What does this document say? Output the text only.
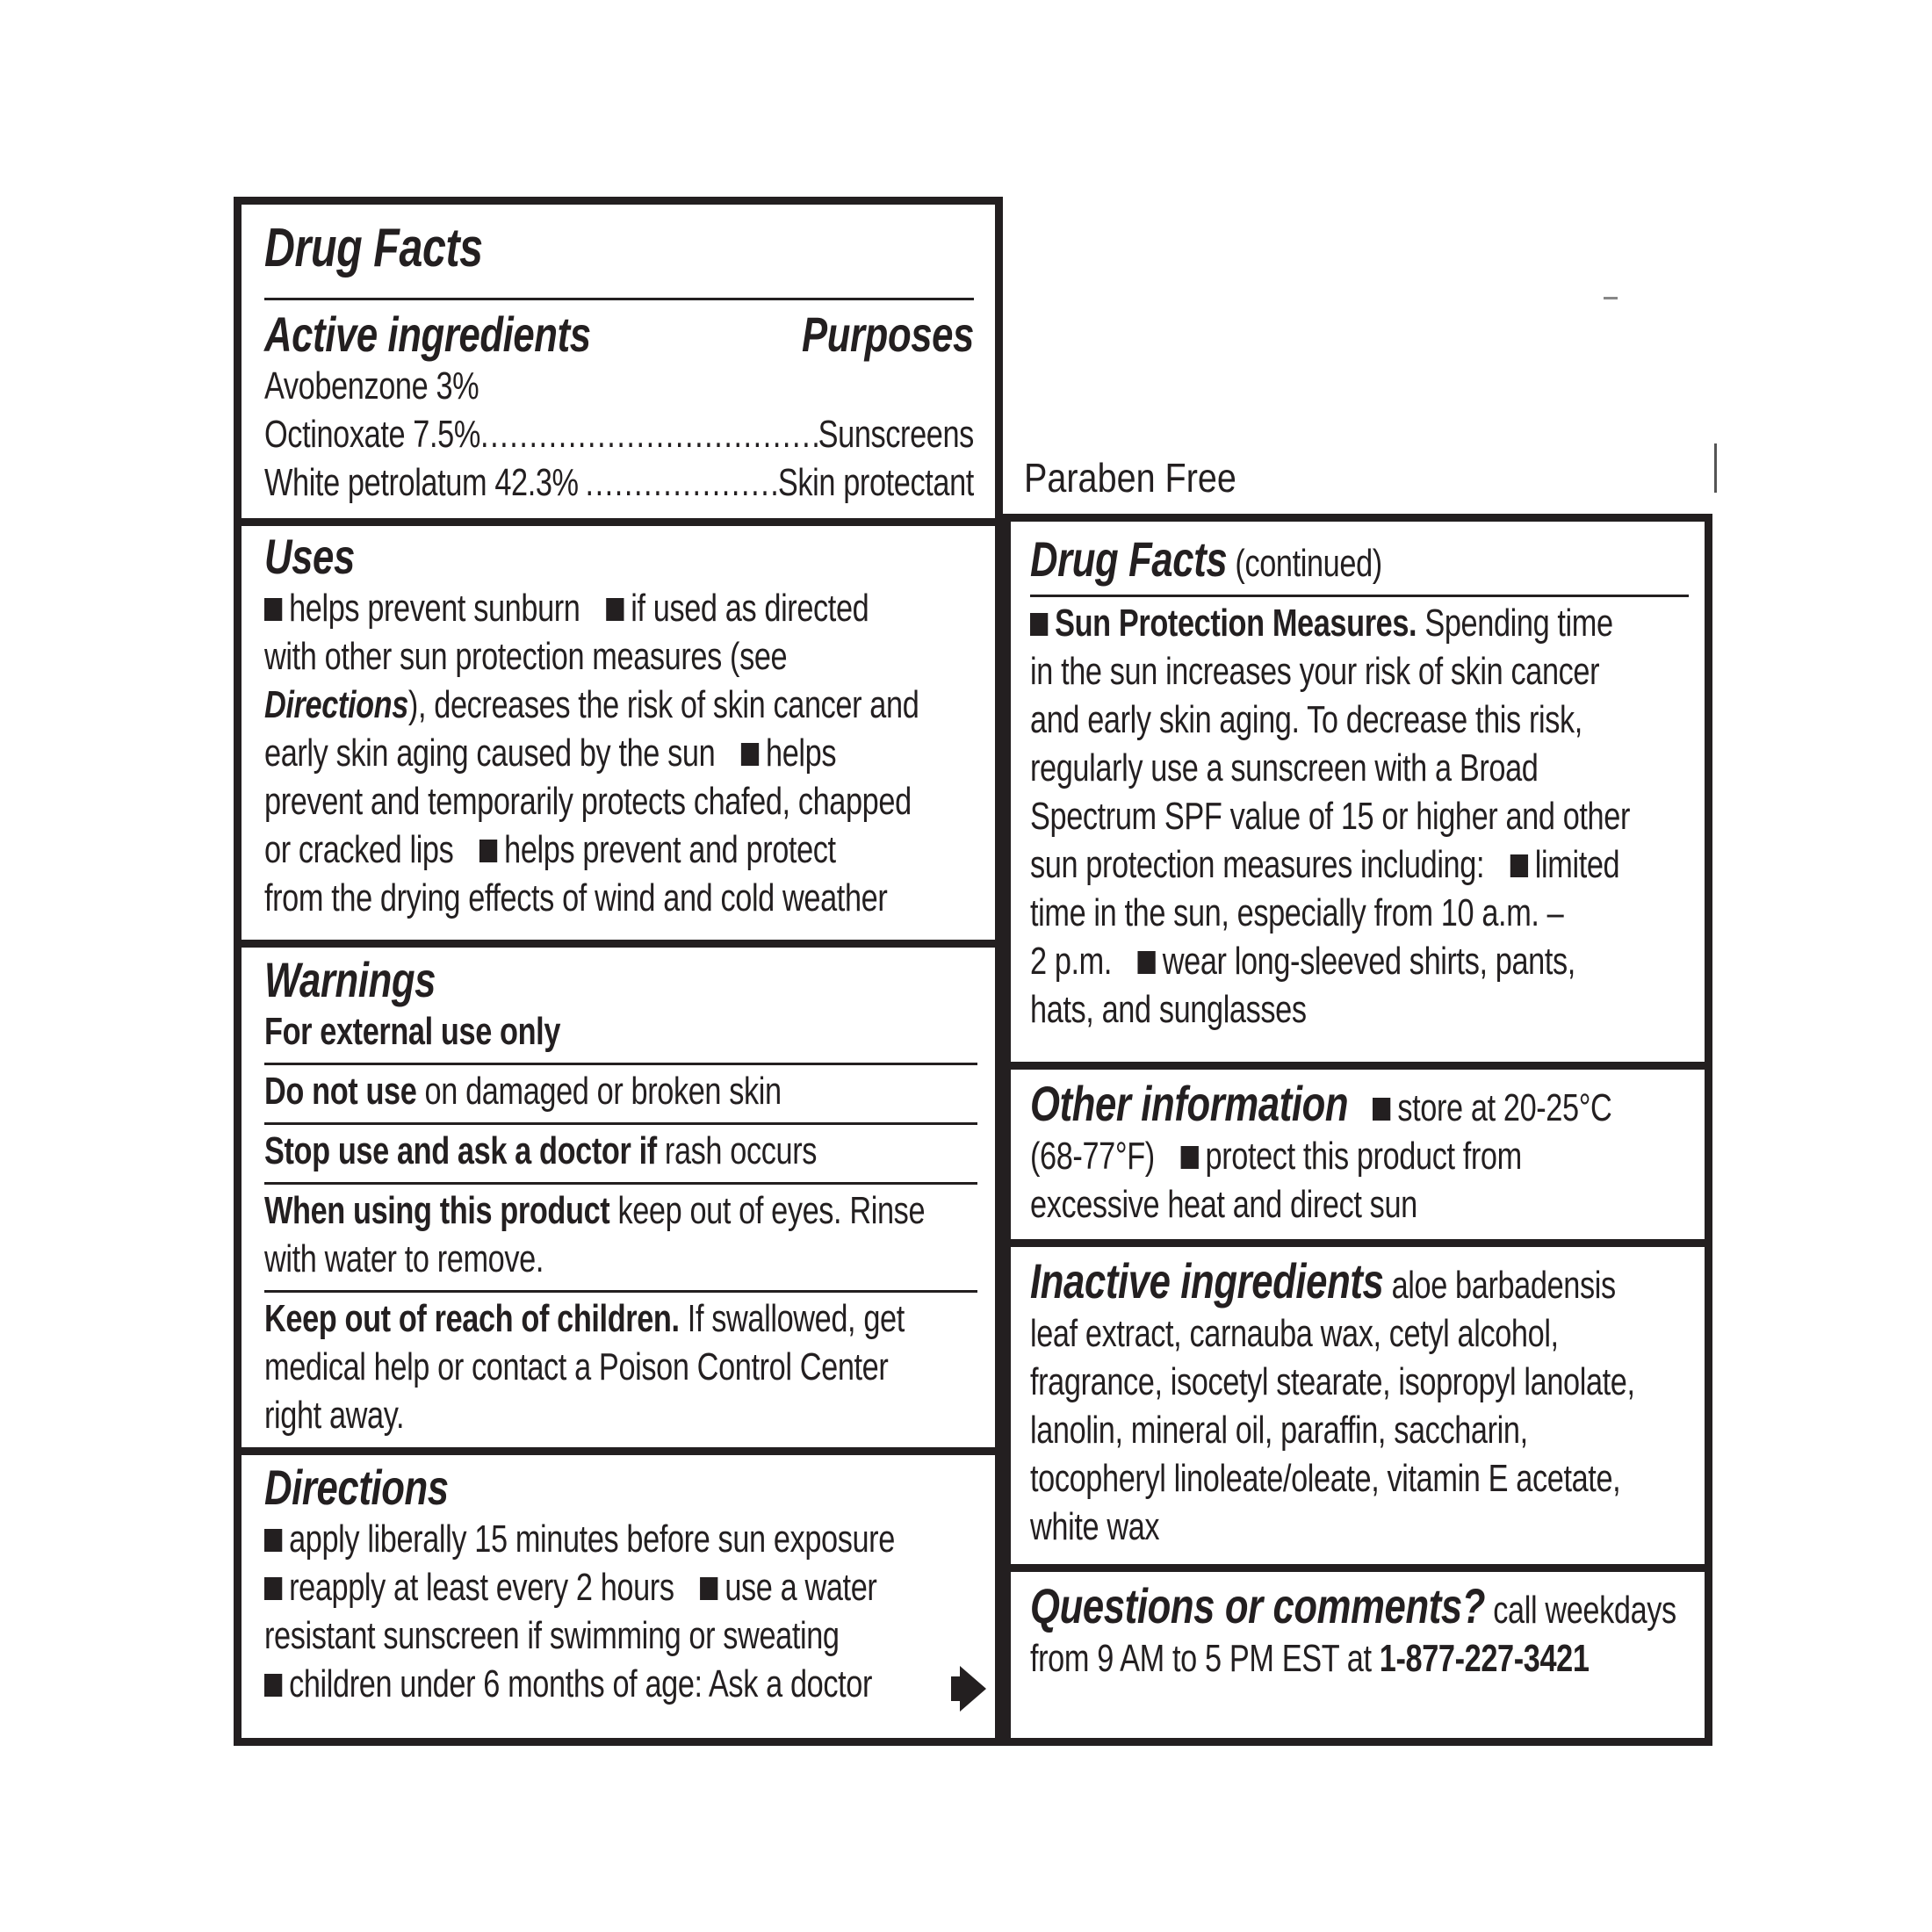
Drug Facts
Active ingredients	Purposes
Avobenzone 3%
Octinoxate 7.5% .....	Sunscreens
White petrolatum 42.3% .....	Skin protectant
Uses
helps prevent sunburn if used as directed
with other sun protection measures (see
Directions), decreases the risk of skin cancer and
early skin aging caused by the sun helps
prevent and temporarily protects chafed, chapped
or cracked lips helps prevent and protect
from the drying effects of wind and cold weather
Warnings
For external use only
Do not use on damaged or broken skin
Stop use and ask a doctor if rash occurs
When using this product keep out of eyes. Rinse
with water to remove.
Keep out of reach of children. If swallowed, get
medical help or contact a Poison Control Center
right away.
Directions
apply liberally 15 minutes before sun exposure
reapply at least every 2 hours use a water
resistant sunscreen if swimming or sweating
children under 6 months of age: Ask a doctor
Paraben Free
Drug Facts (continued)
Sun Protection Measures. Spending time
in the sun increases your risk of skin cancer
and early skin aging. To decrease this risk,
regularly use a sunscreen with a Broad
Spectrum SPF value of 15 or higher and other
sun protection measures including: limited
time in the sun, especially from 10 a.m. –
2 p.m. wear long-sleeved shirts, pants,
hats, and sunglasses
Other information store at 20-25°C
(68-77°F) protect this product from
excessive heat and direct sun
Inactive ingredients aloe barbadensis
leaf extract, carnauba wax, cetyl alcohol,
fragrance, isocetyl stearate, isopropyl lanolate,
lanolin, mineral oil, paraffin, saccharin,
tocopheryl linoleate/oleate, vitamin E acetate,
white wax
Questions or comments? call weekdays
from 9 AM to 5 PM EST at 1-877-227-3421
